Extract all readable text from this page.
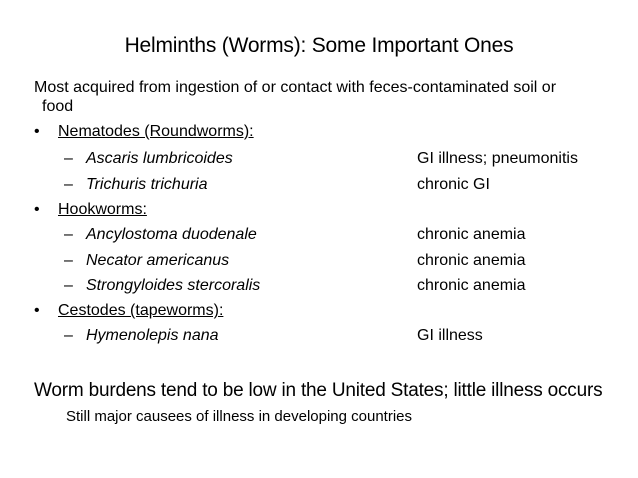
Helminths (Worms): Some Important Ones
Most acquired from ingestion of or contact with feces-contaminated soil or
food
• Nematodes (Roundworms):
– Ascaris lumbricoides	GI illness; pneumonitis
– Trichuris trichuria	chronic GI
• Hookworms:
– Ancylostoma duodenale	chronic anemia
– Necator americanus	chronic anemia
– Strongyloides stercoralis	chronic anemia
• Cestodes (tapeworms):
– Hymenolepis nana	GI illness
Worm burdens tend to be low in the United States; little illness occurs
Still major causees of illness in developing countries
